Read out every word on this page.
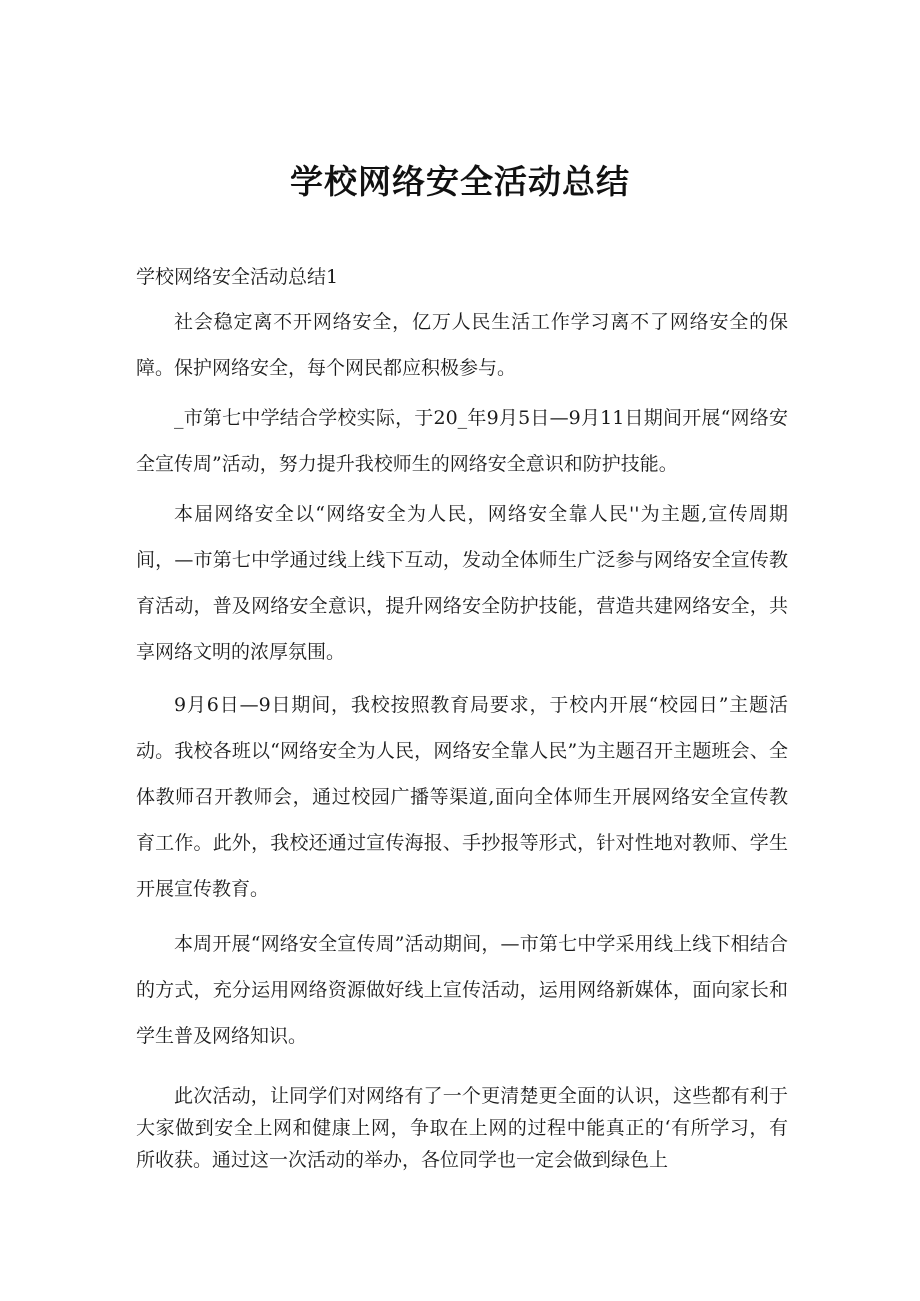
学校网络安全活动总结

学校网络安全活动总结1

社会稳定离不开网络安全，亿万人民生活工作学习离不了网络安全的保障。保护网络安全，每个网民都应积极参与。

_市第七中学结合学校实际，于20_年9月5日—9月11日期间开展“网络安全宣传周”活动，努力提升我校师生的网络安全意识和防护技能。

本届网络安全以“网络安全为人民，网络安全靠人民''为主题,宣传周期间，—市第七中学通过线上线下互动，发动全体师生广泛参与网络安全宣传教育活动，普及网络安全意识，提升网络安全防护技能，营造共建网络安全，共享网络文明的浓厚氛围。

9月6日—9日期间，我校按照教育局要求，于校内开展“校园日”主题活动。我校各班以“网络安全为人民，网络安全靠人民”为主题召开主题班会、全体教师召开教师会，通过校园广播等渠道,面向全体师生开展网络安全宣传教育工作。此外，我校还通过宣传海报、手抄报等形式，针对性地对教师、学生开展宣传教育。

本周开展“网络安全宣传周”活动期间，—市第七中学采用线上线下相结合的方式，充分运用网络资源做好线上宣传活动，运用网络新媒体，面向家长和学生普及网络知识。

此次活动，让同学们对网络有了一个更清楚更全面的认识，这些都有利于大家做到安全上网和健康上网，争取在上网的过程中能真正的‘有所学习，有所收获。通过这一次活动的举办，各位同学也一定会做到绿色上
